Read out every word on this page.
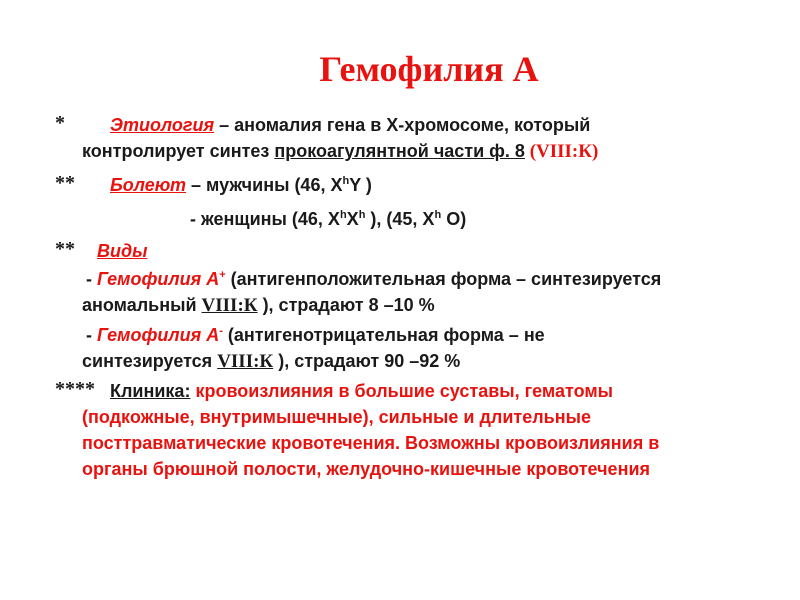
Гемофилия А
*	Этиология – аномалия гена в Х-хромосоме, который
контролирует синтез прокоагулянтной части ф. 8 (VIII:К)
** Болеют – мужчины (46, $X^hY$ )
- женщины (46, $X^hX^h$ ), (45, $X^h$ O)
** Виды
- Гемофилия А+ (антигенположительная форма – синтезируется
аномальный VIII:К ), страдают 8 –10 %
- Гемофилия А- (антигенотрицательная форма – не
синтезируется VIII:К ), страдают 90 –92 %
**** Клиника: кровоизлияния в большие суставы, гематомы
(подкожные, внутримышечные), сильные и длительные
посттравматические кровотечения. Возможны кровоизлияния в
органы брюшной полости, желудочно-кишечные кровотечения
